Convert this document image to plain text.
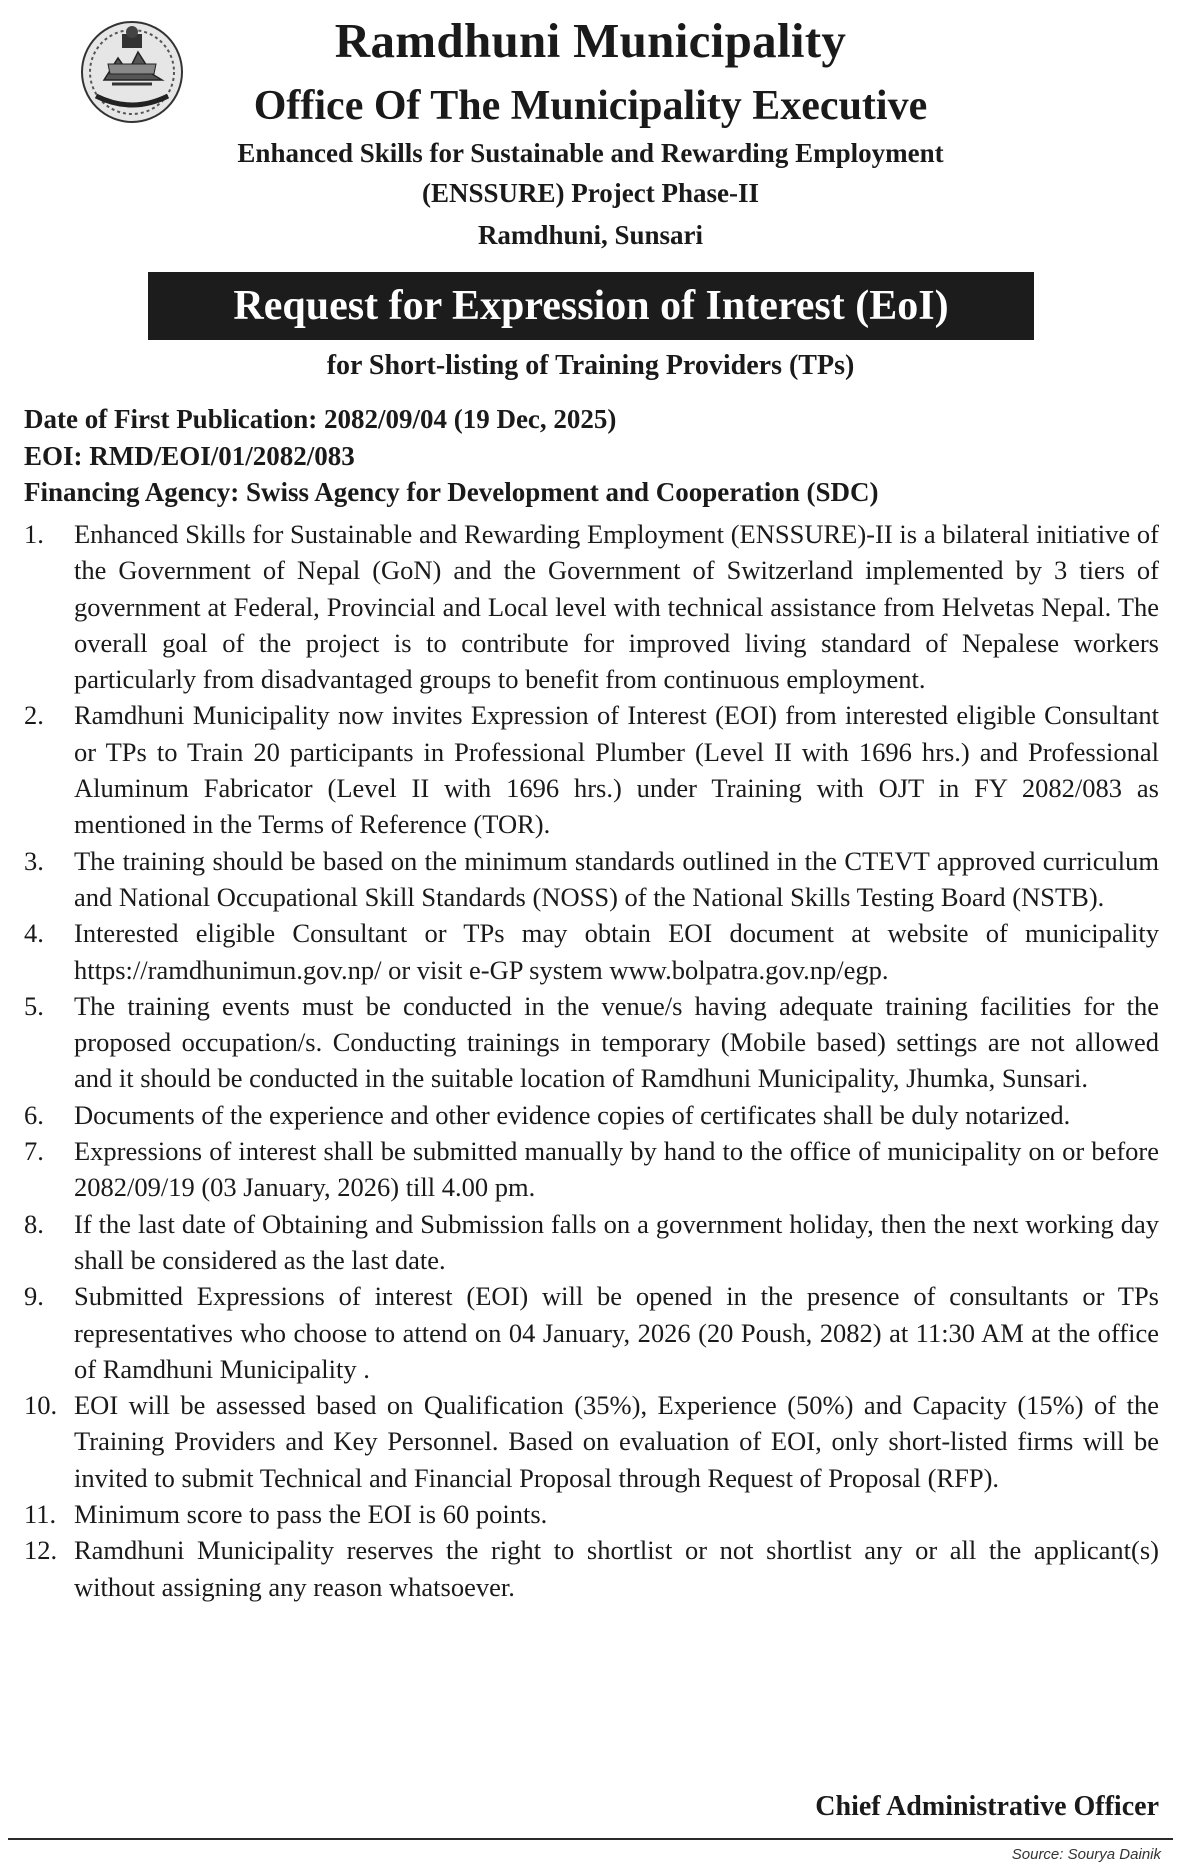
Ramdhuni Municipality
Office Of The Municipality Executive
Enhanced Skills for Sustainable and Rewarding Employment
(ENSSURE) Project Phase-II
Ramdhuni, Sunsari
Request for Expression of Interest (EoI)
for Short-listing of Training Providers (TPs)
Date of First Publication: 2082/09/04 (19 Dec, 2025)
EOI: RMD/EOI/01/2082/083
Financing Agency: Swiss Agency for Development and Cooperation (SDC)
1.	Enhanced Skills for Sustainable and Rewarding Employment (ENSSURE)-II is a bilateral initiative of the Government of Nepal (GoN) and the Government of Switzerland implemented by 3 tiers of government at Federal, Provincial and Local level with technical assistance from Helvetas Nepal. The overall goal of the project is to contribute for improved living standard of Nepalese workers particularly from disadvantaged groups to benefit from continuous employment.
2.	Ramdhuni Municipality now invites Expression of Interest (EOI) from interested eligible Consultant or TPs to Train 20 participants in Professional Plumber (Level II with 1696 hrs.) and Professional Aluminum Fabricator (Level II with 1696 hrs.) under Training with OJT in FY 2082/083 as mentioned in the Terms of Reference (TOR).
3.	The training should be based on the minimum standards outlined in the CTEVT approved curriculum and National Occupational Skill Standards (NOSS) of the National Skills Testing Board (NSTB).
4.	Interested eligible Consultant or TPs may obtain EOI document at website of municipality https://ramdhunimun.gov.np/ or visit e-GP system www.bolpatra.gov.np/egp.
5.	The training events must be conducted in the venue/s having adequate training facilities for the proposed occupation/s. Conducting trainings in temporary (Mobile based) settings are not allowed and it should be conducted in the suitable location of Ramdhuni Municipality, Jhumka, Sunsari.
6.	Documents of the experience and other evidence copies of certificates shall be duly notarized.
7.	Expressions of interest shall be submitted manually by hand to the office of municipality on or before 2082/09/19 (03 January, 2026) till 4.00 pm.
8.	If the last date of Obtaining and Submission falls on a government holiday, then the next working day shall be considered as the last date.
9.	Submitted Expressions of interest (EOI) will be opened in the presence of consultants or TPs representatives who choose to attend on 04 January, 2026 (20 Poush, 2082) at 11:30 AM at the office of Ramdhuni Municipality .
10. EOI will be assessed based on Qualification (35%), Experience (50%) and Capacity (15%) of the Training Providers and Key Personnel. Based on evaluation of EOI, only short-listed firms will be invited to submit Technical and Financial Proposal through Request of Proposal (RFP).
11. Minimum score to pass the EOI is 60 points.
12. Ramdhuni Municipality reserves the right to shortlist or not shortlist any or all the applicant(s) without assigning any reason whatsoever.
Chief Administrative Officer
Source: Sourya Dainik
